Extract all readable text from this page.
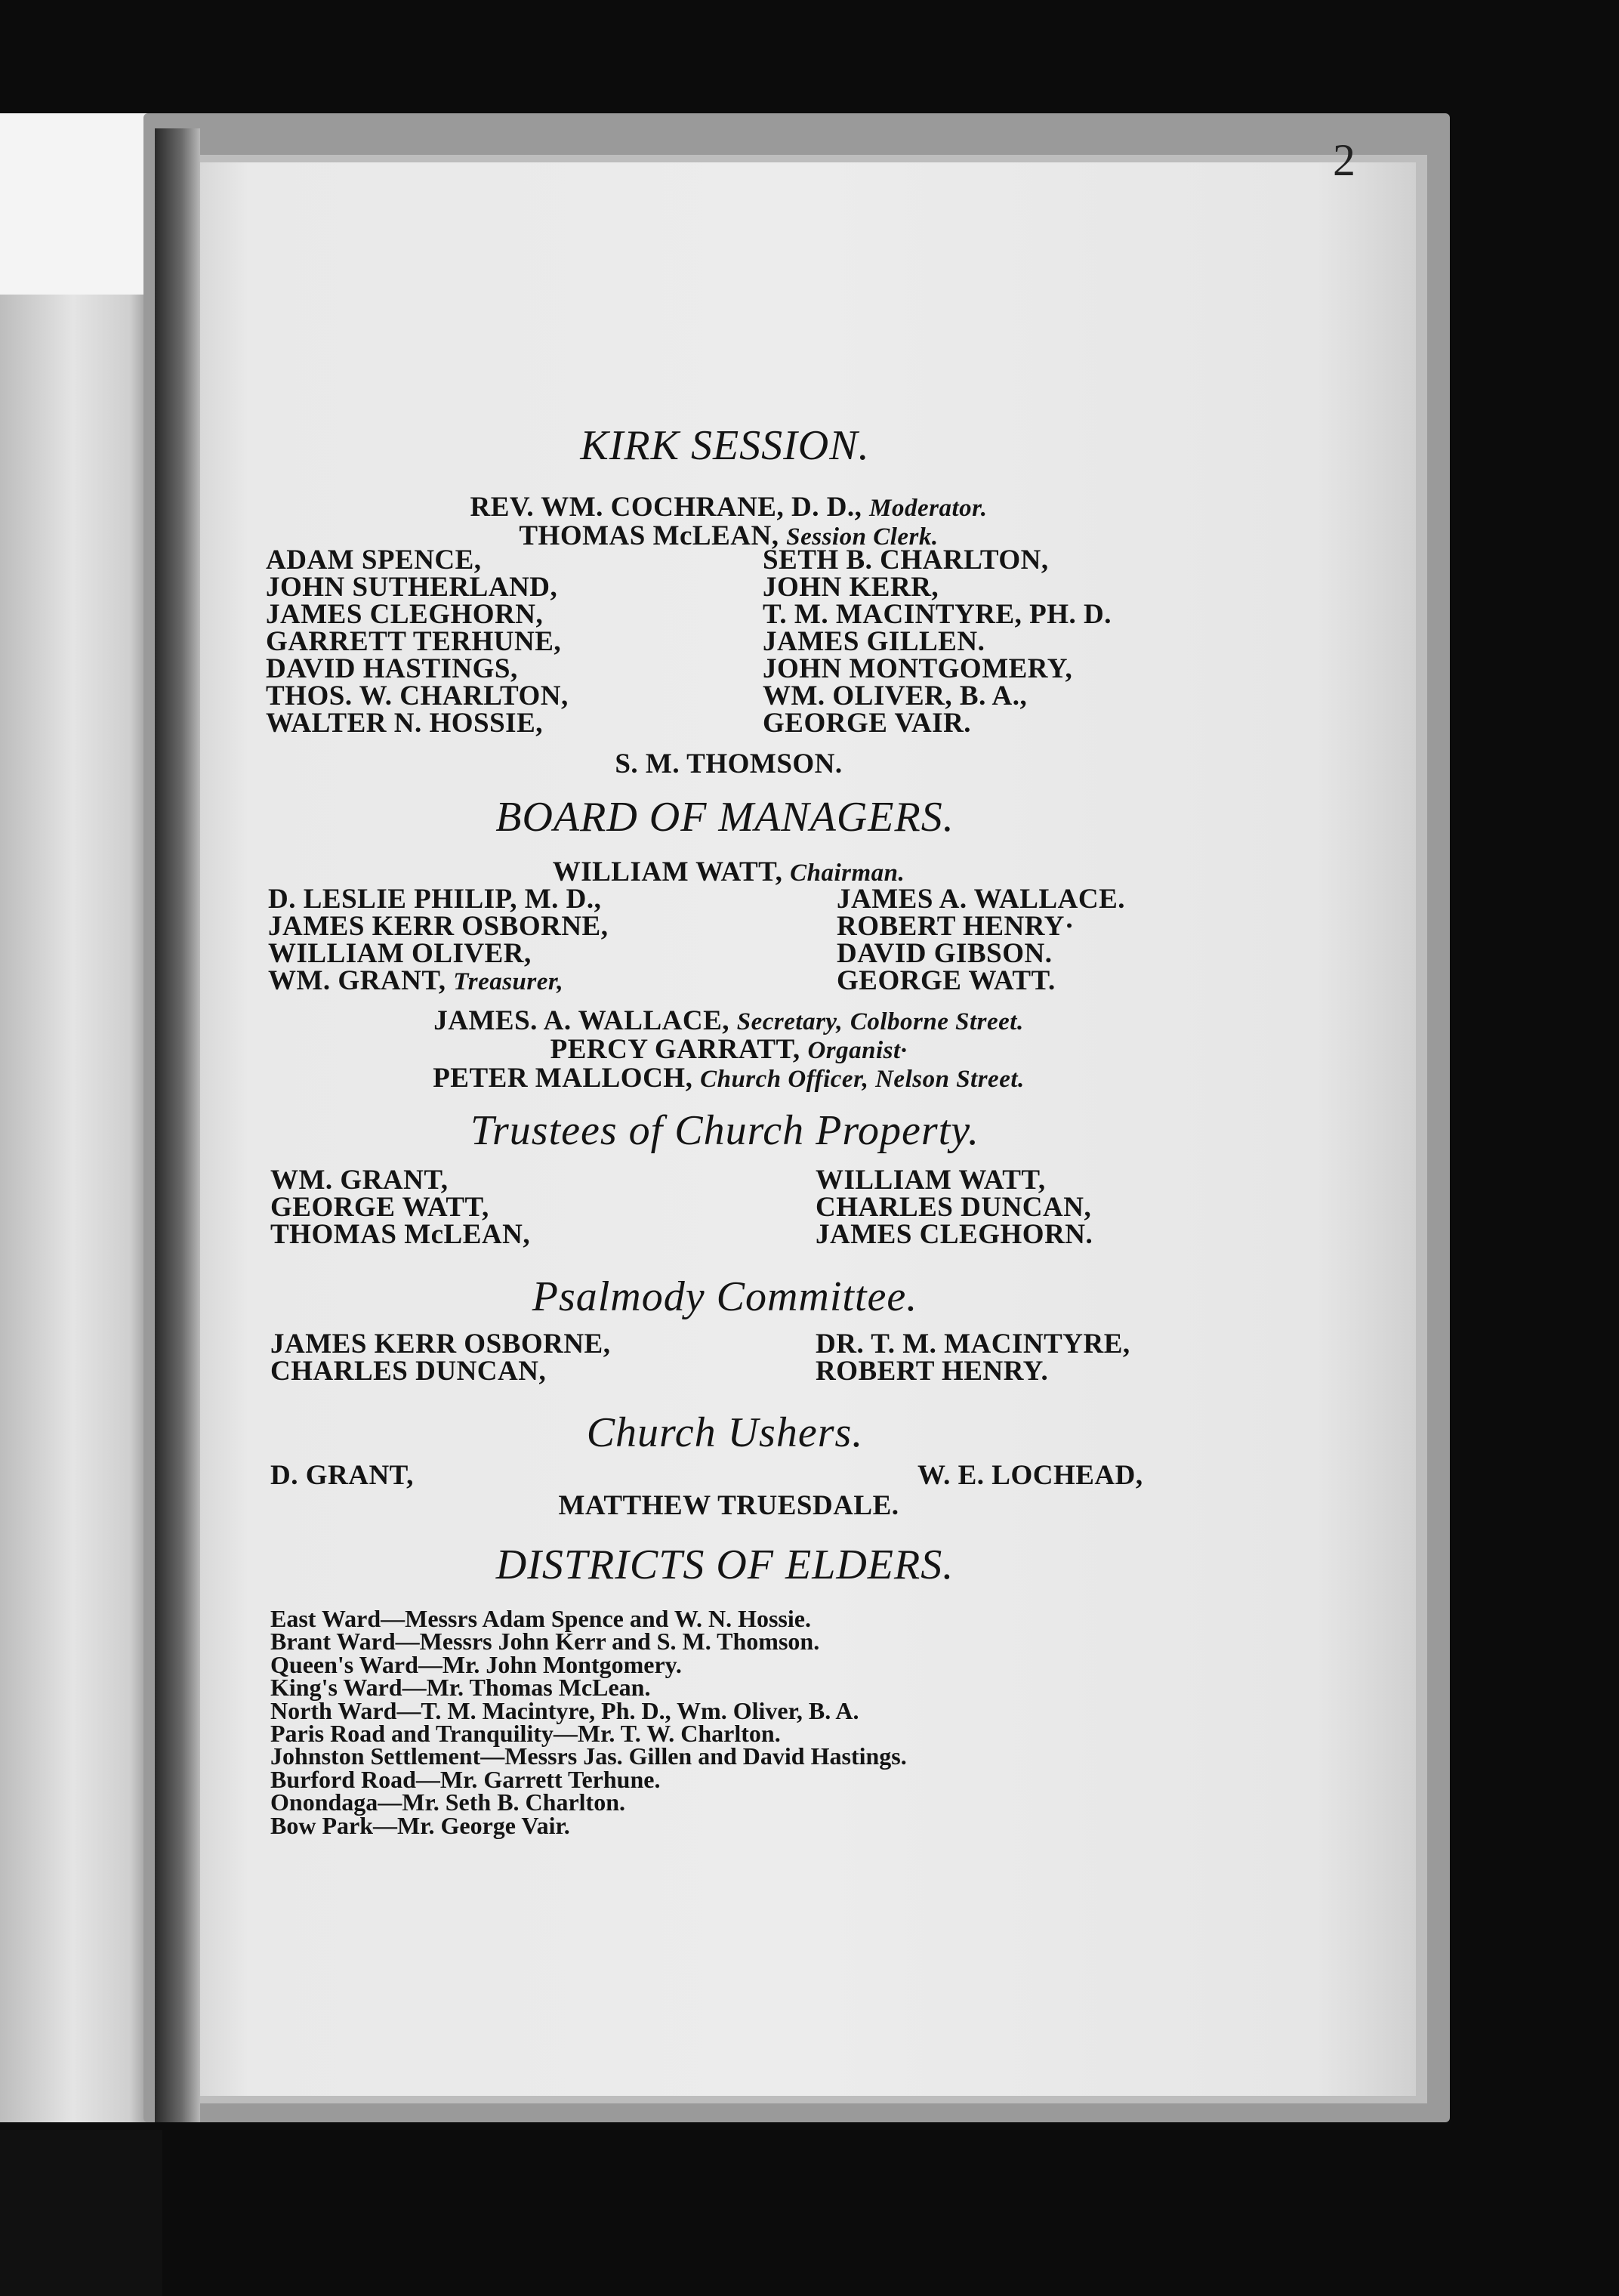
2
KIRK SESSION.
REV. WM. COCHRANE, D. D., Moderator.
THOMAS McLEAN, Session Clerk.
ADAM SPENCE,
JOHN SUTHERLAND,
JAMES CLEGHORN,
GARRETT TERHUNE,
DAVID HASTINGS,
THOS. W. CHARLTON,
WALTER N. HOSSIE,
SETH B. CHARLTON,
JOHN KERR,
T. M. MACINTYRE, PH. D.
JAMES GILLEN.
JOHN MONTGOMERY,
WM. OLIVER, B. A.,
GEORGE VAIR.
S. M. THOMSON.
BOARD OF MANAGERS.
WILLIAM WATT, Chairman.
D. LESLIE PHILIP, M. D.,
JAMES KERR OSBORNE,
WILLIAM OLIVER,
WM. GRANT, Treasurer,
JAMES A. WALLACE.
ROBERT HENRY·
DAVID GIBSON.
GEORGE WATT.
JAMES. A. WALLACE, Secretary, Colborne Street.
PERCY GARRATT, Organist·
PETER MALLOCH, Church Officer, Nelson Street.
Trustees of Church Property.
WM. GRANT,
GEORGE WATT,
THOMAS McLEAN,
WILLIAM WATT,
CHARLES DUNCAN,
JAMES CLEGHORN.
Psalmody Committee.
JAMES KERR OSBORNE,
CHARLES DUNCAN,
DR. T. M. MACINTYRE,
ROBERT HENRY.
Church Ushers.
D. GRANT,	W. E. LOCHEAD,
MATTHEW TRUESDALE.
DISTRICTS OF ELDERS.
East Ward—Messrs Adam Spence and W. N. Hossie.
Brant Ward—Messrs John Kerr and S. M. Thomson.
Queen's Ward—Mr. John Montgomery.
King's Ward—Mr. Thomas McLean.
North Ward—T. M. Macintyre, Ph. D., Wm. Oliver, B. A.
Paris Road and Tranquility—Mr. T. W. Charlton.
Johnston Settlement—Messrs Jas. Gillen and David Hastings.
Burford Road—Mr. Garrett Terhune.
Onondaga—Mr. Seth B. Charlton.
Bow Park—Mr. George Vair.
